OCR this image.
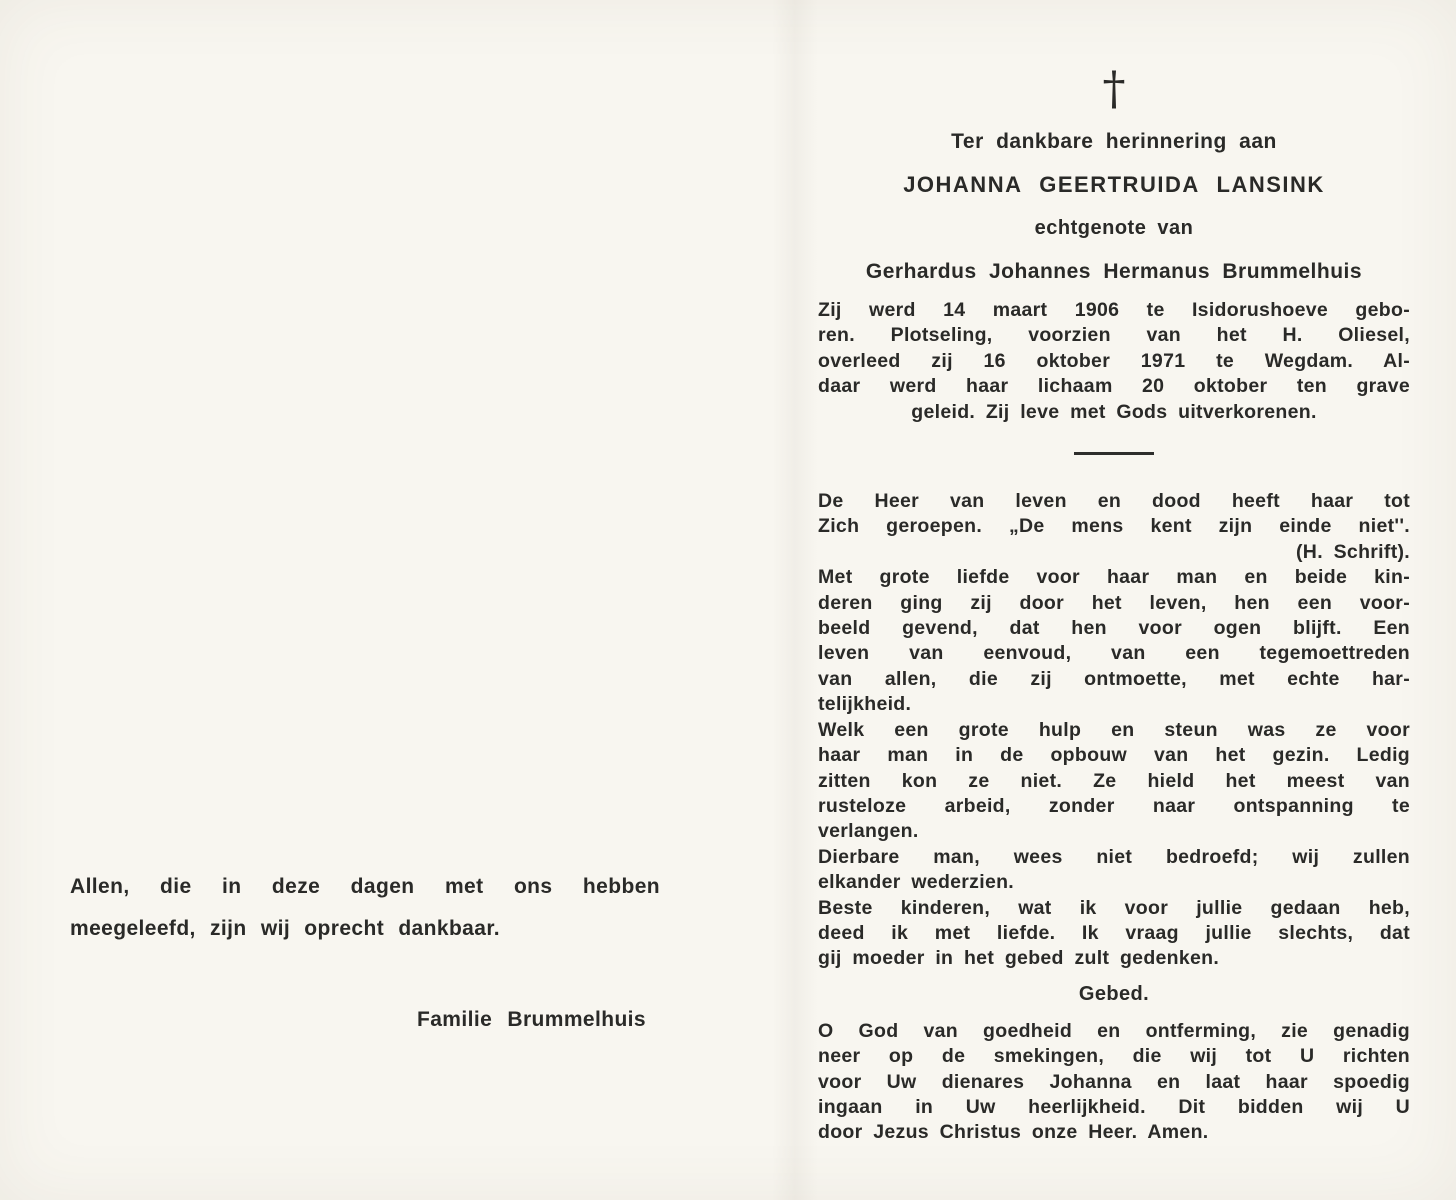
Allen, die in deze dagen met ons hebben
meegeleefd, zijn wij oprecht dankbaar.
Familie Brummelhuis
†
Ter dankbare herinnering aan
JOHANNA GEERTRUIDA LANSINK
echtgenote van
Gerhardus Johannes Hermanus Brummelhuis
Zij werd 14 maart 1906 te Isidorushoeve gebo-
ren. Plotseling, voorzien van het H. Oliesel,
overleed zij 16 oktober 1971 te Wegdam. Al-
daar werd haar lichaam 20 oktober ten grave
geleid. Zij leve met Gods uitverkorenen.
De Heer van leven en dood heeft haar tot
Zich geroepen. „De mens kent zijn einde niet''.
(H. Schrift).
Met grote liefde voor haar man en beide kin-
deren ging zij door het leven, hen een voor-
beeld gevend, dat hen voor ogen blijft. Een
leven van eenvoud, van een tegemoettreden
van allen, die zij ontmoette, met echte har-
telijkheid.
Welk een grote hulp en steun was ze voor
haar man in de opbouw van het gezin. Ledig
zitten kon ze niet. Ze hield het meest van
rusteloze arbeid, zonder naar ontspanning te
verlangen.
Dierbare man, wees niet bedroefd; wij zullen
elkander wederzien.
Beste kinderen, wat ik voor jullie gedaan heb,
deed ik met liefde. Ik vraag jullie slechts, dat
gij moeder in het gebed zult gedenken.
Gebed.
O God van goedheid en ontferming, zie genadig
neer op de smekingen, die wij tot U richten
voor Uw dienares Johanna en laat haar spoedig
ingaan in Uw heerlijkheid. Dit bidden wij U
door Jezus Christus onze Heer. Amen.
